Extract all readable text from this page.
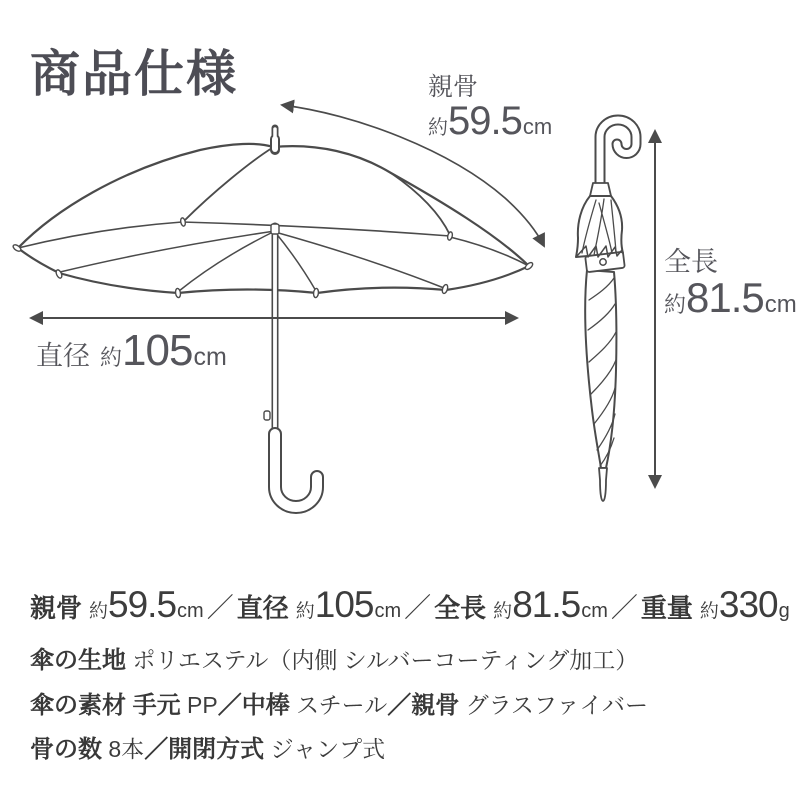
商品仕様	親骨
約 59.5 cm
直径 約 105 cm
全長
約 81.5 cm
親骨 約 59.5 cm ／ 直径 約 105 cm ／ 全長 約 81.5 cm ／ 重量 約 330 g
傘の生地 ポリエステル（内側 シルバーコーティング加工）
傘の素材 手元 PP／中棒 スチール／親骨 グラスファイバー
骨の数 8本／開閉方式 ジャンプ式
